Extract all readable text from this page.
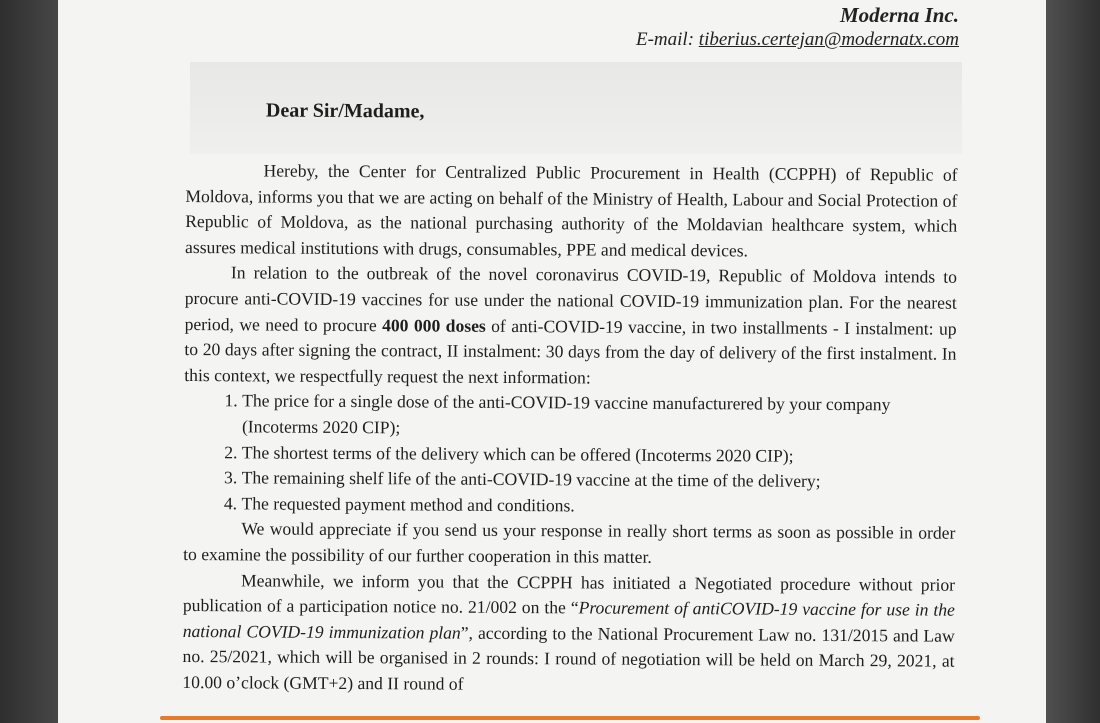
Moderna Inc.
E-mail: tiberius.certejan@modernatx.com
Dear Sir/Madame,

Hereby, the Center for Centralized Public Procurement in Health (CCPPH) of Republic of Moldova, informs you that we are acting on behalf of the Ministry of Health, Labour and Social Protection of Republic of Moldova, as the national purchasing authority of the Moldavian healthcare system, which assures medical institutions with drugs, consumables, PPE and medical devices.

In relation to the outbreak of the novel coronavirus COVID-19, Republic of Moldova intends to procure anti-COVID-19 vaccines for use under the national COVID-19 immunization plan. For the nearest period, we need to procure 400 000 doses of anti-COVID-19 vaccine, in two installments - I instalment: up to 20 days after signing the contract, II instalment: 30 days from the day of delivery of the first instalment. In this context, we respectfully request the next information:

1. The price for a single dose of the anti-COVID-19 vaccine manufacturered by your company (Incoterms 2020 CIP);
2. The shortest terms of the delivery which can be offered (Incoterms 2020 CIP);
3. The remaining shelf life of the anti-COVID-19 vaccine at the time of the delivery;
4. The requested payment method and conditions.

We would appreciate if you send us your response in really short terms as soon as possible in order to examine the possibility of our further cooperation in this matter.

Meanwhile, we inform you that the CCPPH has initiated a Negotiated procedure without prior publication of a participation notice no. 21/002 on the “Procurement of antiCOVID-19 vaccine for use in the national COVID-19 immunization plan”, according to the National Procurement Law no. 131/2015 and Law no. 25/2021, which will be organised in 2 rounds: I round of negotiation will be held on March 29, 2021, at 10.00 o’clock (GMT+2) and II round of
